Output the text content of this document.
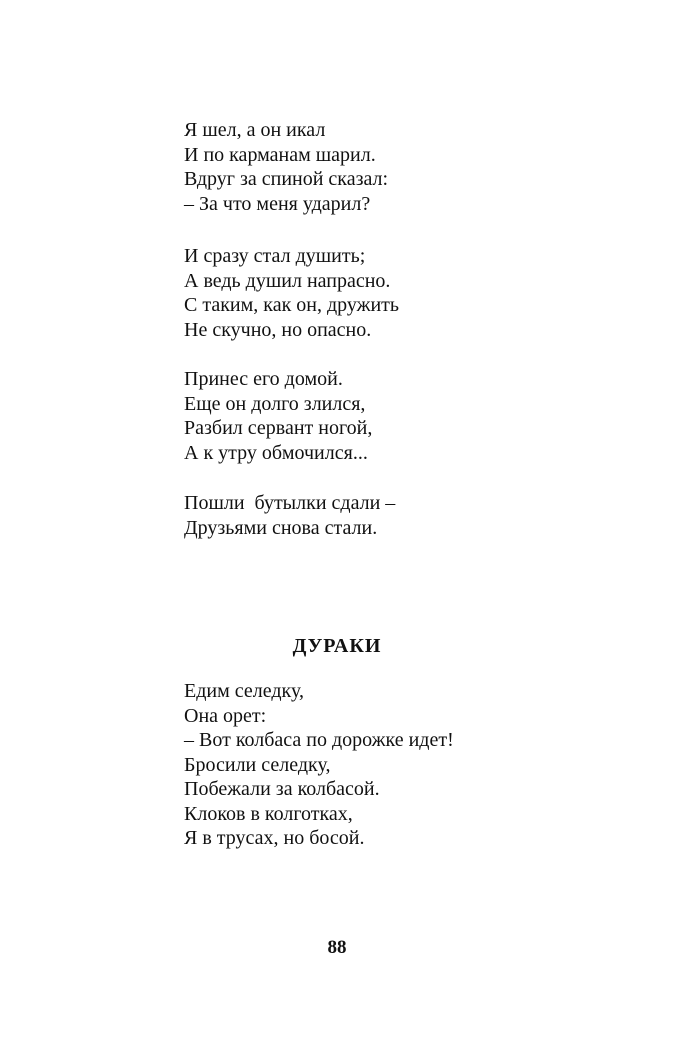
Я шел, а он икал
И по карманам шарил.
Вдруг за спиной сказал:
– За что меня ударил?
И сразу стал душить;
А ведь душил напрасно.
С таким, как он, дружить
Не скучно, но опасно.
Принес его домой.
Еще он долго злился,
Разбил сервант ногой,
А к утру обмочился...
Пошли  бутылки сдали –
Друзьями снова стали.
ДУРАКИ
Едим селедку,
Она орет:
– Вот колбаса по дорожке идет!
Бросили селедку,
Побежали за колбасой.
Клоков в колготках,
Я в трусах, но босой.
88
